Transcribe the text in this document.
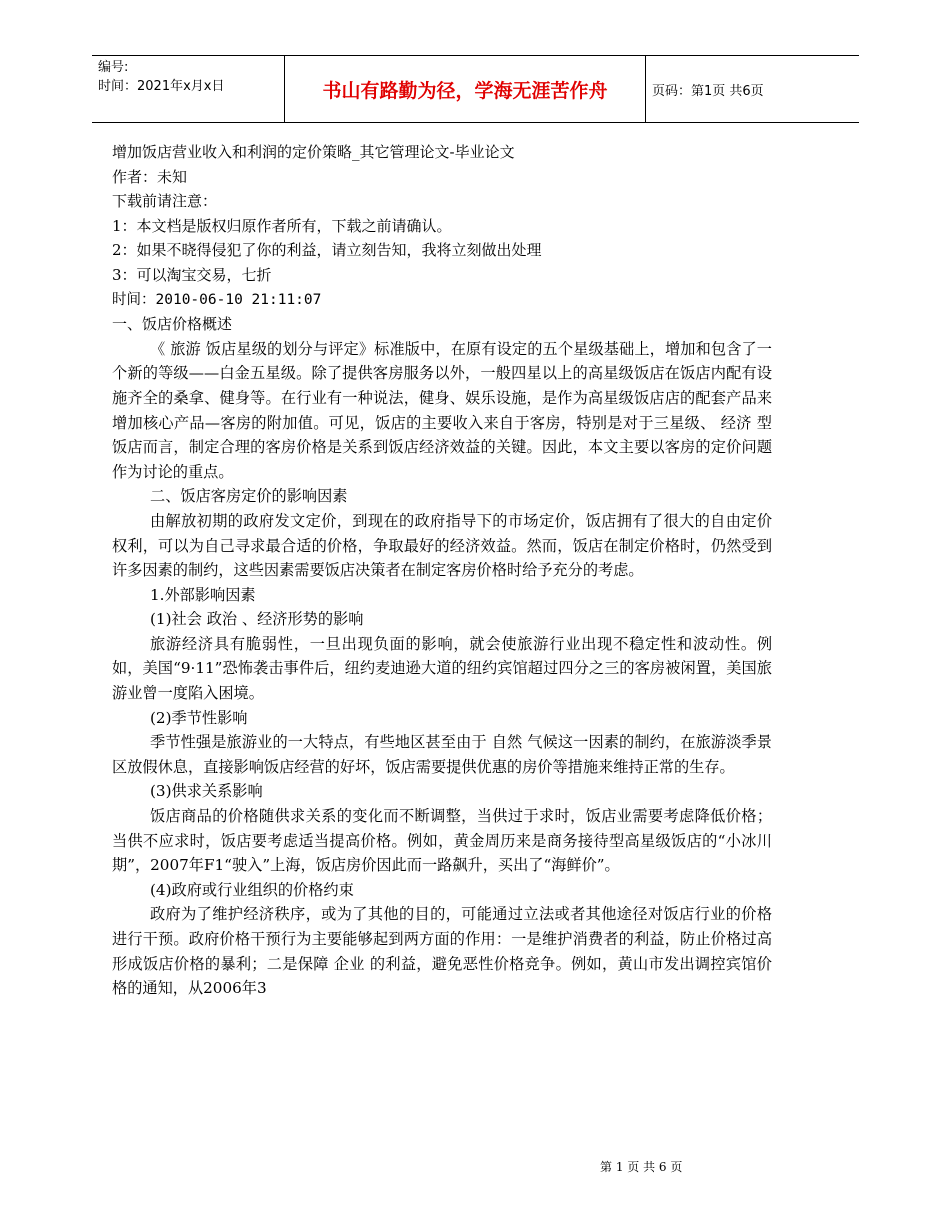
编号:
时间：2021年x月x日	书山有路勤为径，学海无涯苦作舟	页码：第1页 共6页
增加饭店营业收入和利润的定价策略_其它管理论文-毕业论文
作者：未知
下载前请注意：
1：本文档是版权归原作者所有，下载之前请确认。
2：如果不晓得侵犯了你的利益，请立刻告知，我将立刻做出处理
3：可以淘宝交易，七折
时间：2010-06-10 21:11:07
一、饭店价格概述

《 旅游 饭店星级的划分与评定》标准版中，在原有设定的五个星级基础上，增加和包含了一个新的等级——白金五星级。除了提供客房服务以外，一般四星以上的高星级饭店在饭店内配有设施齐全的桑拿、健身等。在行业有一种说法，健身、娱乐设施，是作为高星级饭店店的配套产品来增加核心产品—客房的附加值。可见，饭店的主要收入来自于客房，特别是对于三星级、 经济 型饭店而言，制定合理的客房价格是关系到饭店经济效益的关键。因此，本文主要以客房的定价问题作为讨论的重点。

二、饭店客房定价的影响因素

由解放初期的政府发文定价，到现在的政府指导下的市场定价，饭店拥有了很大的自由定价权利，可以为自己寻求最合适的价格，争取最好的经济效益。然而，饭店在制定价格时，仍然受到许多因素的制约，这些因素需要饭店决策者在制定客房价格时给予充分的考虑。

1.外部影响因素
(1)社会 政治 、经济形势的影响

旅游经济具有脆弱性，一旦出现负面的影响，就会使旅游行业出现不稳定性和波动性。例如，美国“9·11”恐怖袭击事件后，纽约麦迪逊大道的纽约宾馆超过四分之三的客房被闲置，美国旅游业曾一度陷入困境。

(2)季节性影响

季节性强是旅游业的一大特点，有些地区甚至由于 自然 气候这一因素的制约，在旅游淡季景区放假休息，直接影响饭店经营的好坏，饭店需要提供优惠的房价等措施来维持正常的生存。

(3)供求关系影响

饭店商品的价格随供求关系的变化而不断调整，当供过于求时，饭店业需要考虑降低价格；当供不应求时，饭店要考虑适当提高价格。例如，黄金周历来是商务接待型高星级饭店的“小冰川期”，2007年F1“驶入”上海，饭店房价因此而一路飙升，买出了“海鲜价”。

(4)政府或行业组织的价格约束

政府为了维护经济秩序，或为了其他的目的，可能通过立法或者其他途径对饭店行业的价格进行干预。政府价格干预行为主要能够起到两方面的作用：一是维护消费者的利益，防止价格过高形成饭店价格的暴利；二是保障 企业 的利益，避免恶性价格竞争。例如，黄山市发出调控宾馆价格的通知，从2006年3

第 1 页 共 6 页
